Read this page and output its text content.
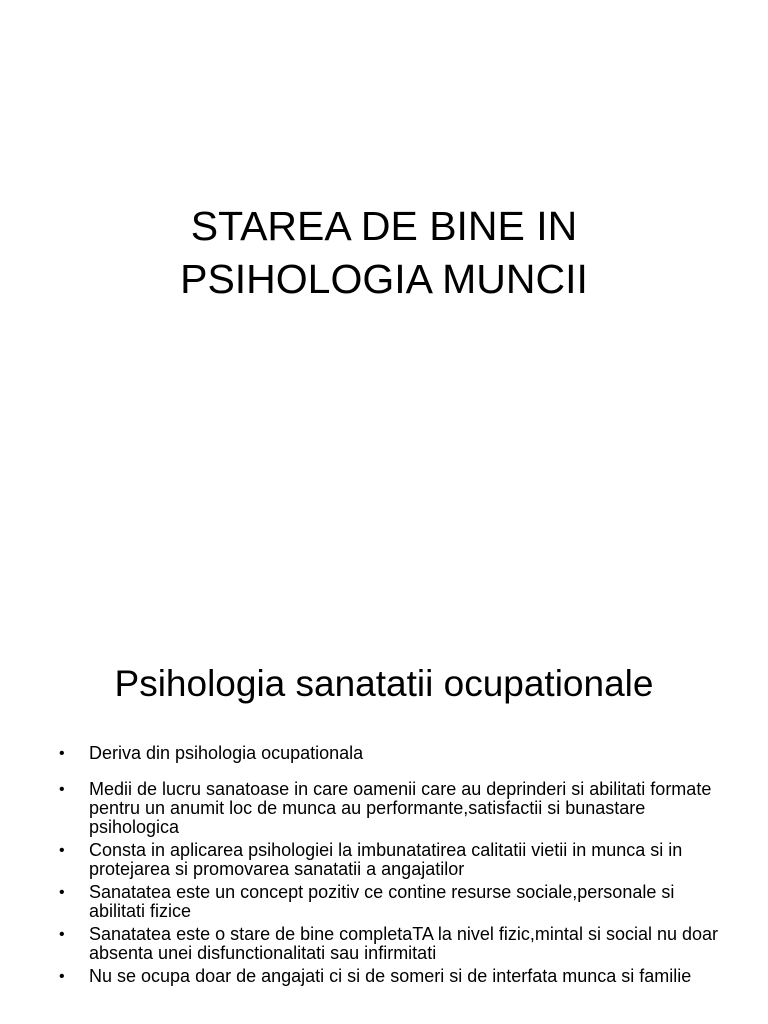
STAREA DE BINE IN
PSIHOLOGIA MUNCII
Psihologia sanatatii ocupationale
• Deriva din psihologia ocupationala
• Medii de lucru sanatoase in care oamenii care au deprinderi si abilitati formate pentru un anumit loc de munca au performante,satisfactii si bunastare psihologica
• Consta in aplicarea psihologiei la imbunatatirea calitatii vietii in munca si in protejarea si promovarea sanatatii a angajatilor
• Sanatatea este un concept pozitiv ce contine resurse sociale,personale si abilitati fizice
• Sanatatea este o stare de bine completaTA la nivel fizic,mintal si social nu doar absenta unei disfunctionalitati sau infirmitati
• Nu se ocupa doar de angajati ci si de someri si de interfata munca si familie
